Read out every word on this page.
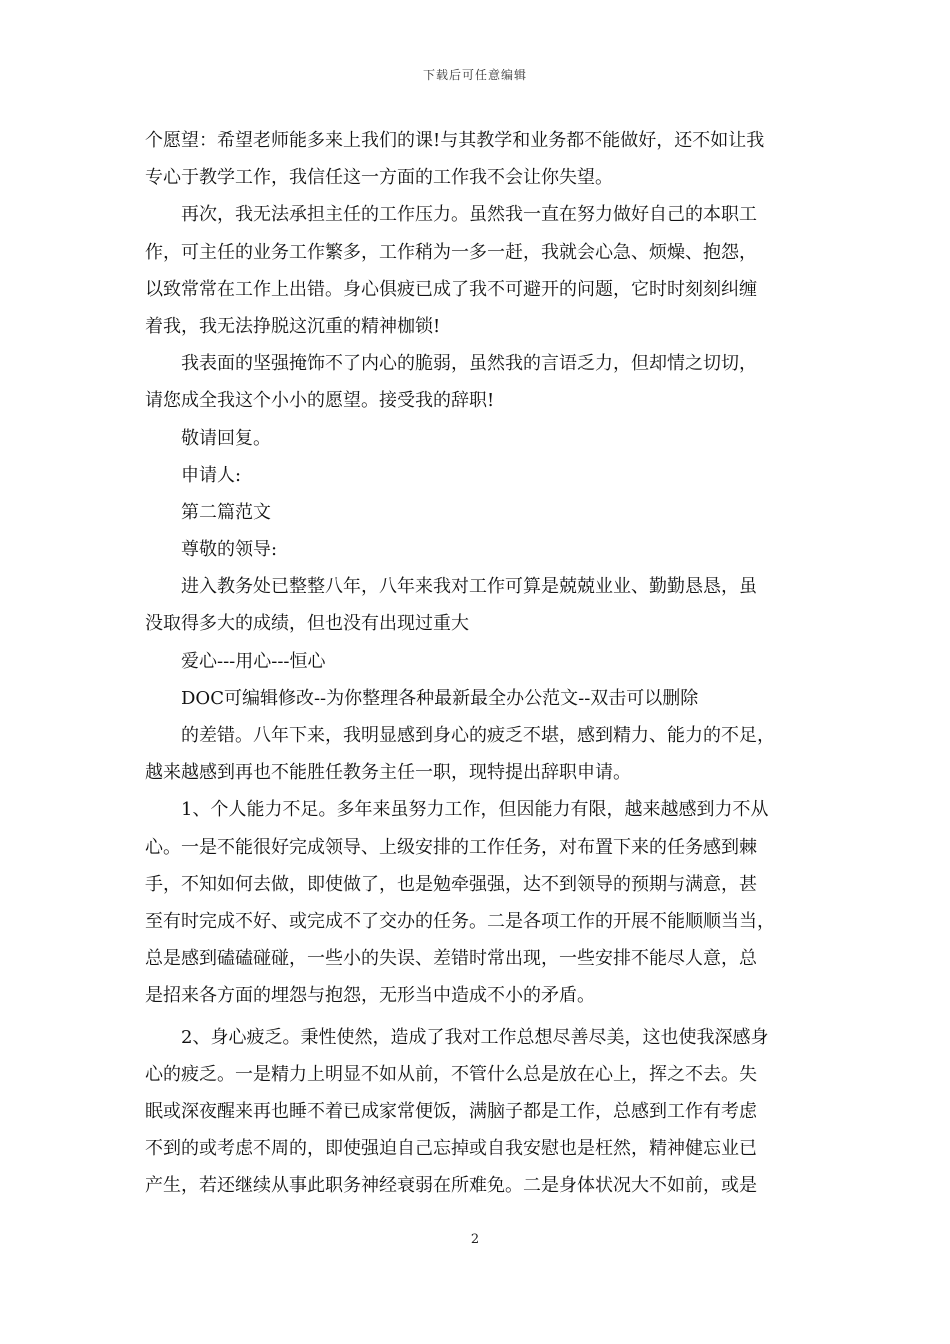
下载后可任意编辑
个愿望：希望老师能多来上我们的课!与其教学和业务都不能做好，还不如让我
专心于教学工作，我信任这一方面的工作我不会让你失望。
再次，我无法承担主任的工作压力。虽然我一直在努力做好自己的本职工
作，可主任的业务工作繁多，工作稍为一多一赶，我就会心急、烦燥、抱怨，
以致常常在工作上出错。身心俱疲已成了我不可避开的问题，它时时刻刻纠缠
着我，我无法挣脱这沉重的精神枷锁!
我表面的坚强掩饰不了内心的脆弱，虽然我的言语乏力，但却情之切切，
请您成全我这个小小的愿望。接受我的辞职!
敬请回复。
申请人:
第二篇范文
尊敬的领导:
进入教务处已整整八年，八年来我对工作可算是兢兢业业、勤勤恳恳，虽
没取得多大的成绩，但也没有出现过重大
爱心---用心---恒心
DOC可编辑修改--为你整理各种最新最全办公范文--双击可以删除
的差错。八年下来，我明显感到身心的疲乏不堪，感到精力、能力的不足，
越来越感到再也不能胜任教务主任一职，现特提出辞职申请。
1、个人能力不足。多年来虽努力工作，但因能力有限，越来越感到力不从
心。一是不能很好完成领导、上级安排的工作任务，对布置下来的任务感到棘
手，不知如何去做，即使做了，也是勉牵强强，达不到领导的预期与满意，甚
至有时完成不好、或完成不了交办的任务。二是各项工作的开展不能顺顺当当，
总是感到磕磕碰碰，一些小的失误、差错时常出现，一些安排不能尽人意，总
是招来各方面的埋怨与抱怨，无形当中造成不小的矛盾。
2、身心疲乏。秉性使然，造成了我对工作总想尽善尽美，这也使我深感身
心的疲乏。一是精力上明显不如从前，不管什么总是放在心上，挥之不去。失
眠或深夜醒来再也睡不着已成家常便饭，满脑子都是工作，总感到工作有考虑
不到的或考虑不周的，即使强迫自己忘掉或自我安慰也是枉然，精神健忘业已
产生，若还继续从事此职务神经衰弱在所难免。二是身体状况大不如前，或是
2
